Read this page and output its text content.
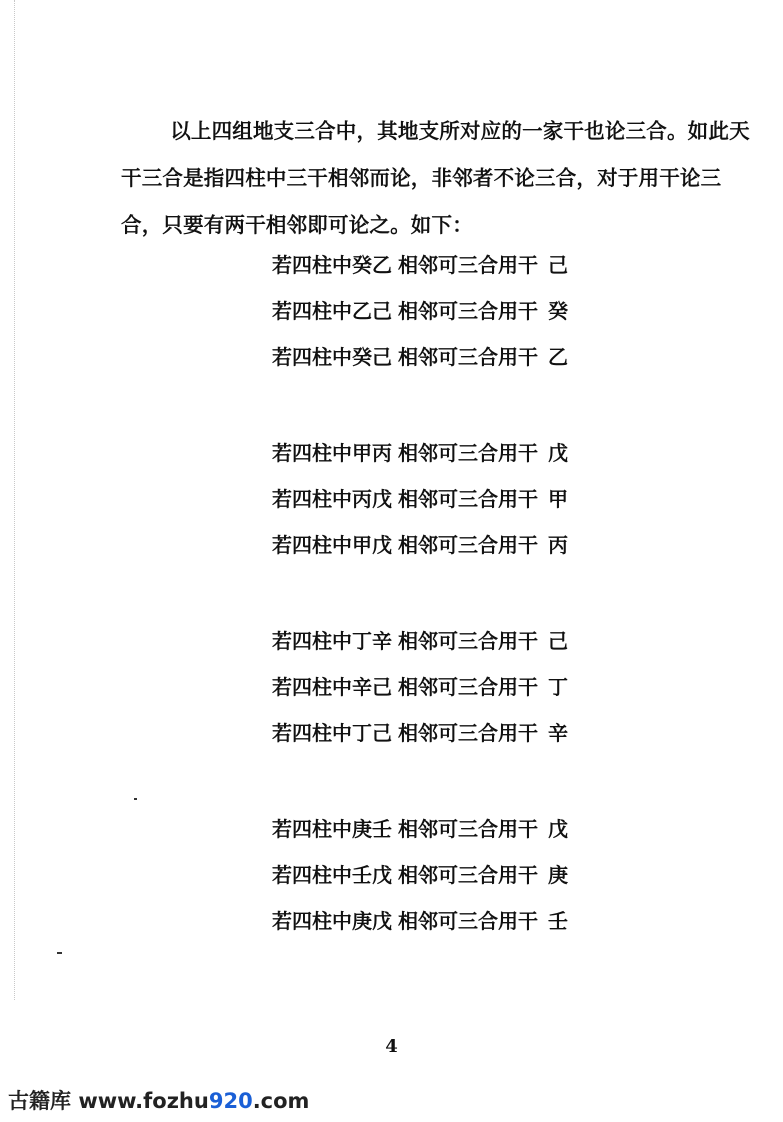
以上四组地支三合中，其地支所对应的一家干也论三合。如此天干三合是指四柱中三干相邻而论，非邻者不论三合，对于用干论三合，只要有两干相邻即可论之。如下：

若四柱中癸乙 相邻可三合用干 己
若四柱中乙己 相邻可三合用干 癸
若四柱中癸己 相邻可三合用干 乙
若四柱中甲丙 相邻可三合用干 戊
若四柱中丙戊 相邻可三合用干 甲
若四柱中甲戊 相邻可三合用干 丙
若四柱中丁辛 相邻可三合用干 己
若四柱中辛己 相邻可三合用干 丁
若四柱中丁己 相邻可三合用干 辛
若四柱中庚壬 相邻可三合用干 戊
若四柱中壬戊 相邻可三合用干 庚
若四柱中庚戊 相邻可三合用干 壬
4
古籍库 www.fozhu920.com
